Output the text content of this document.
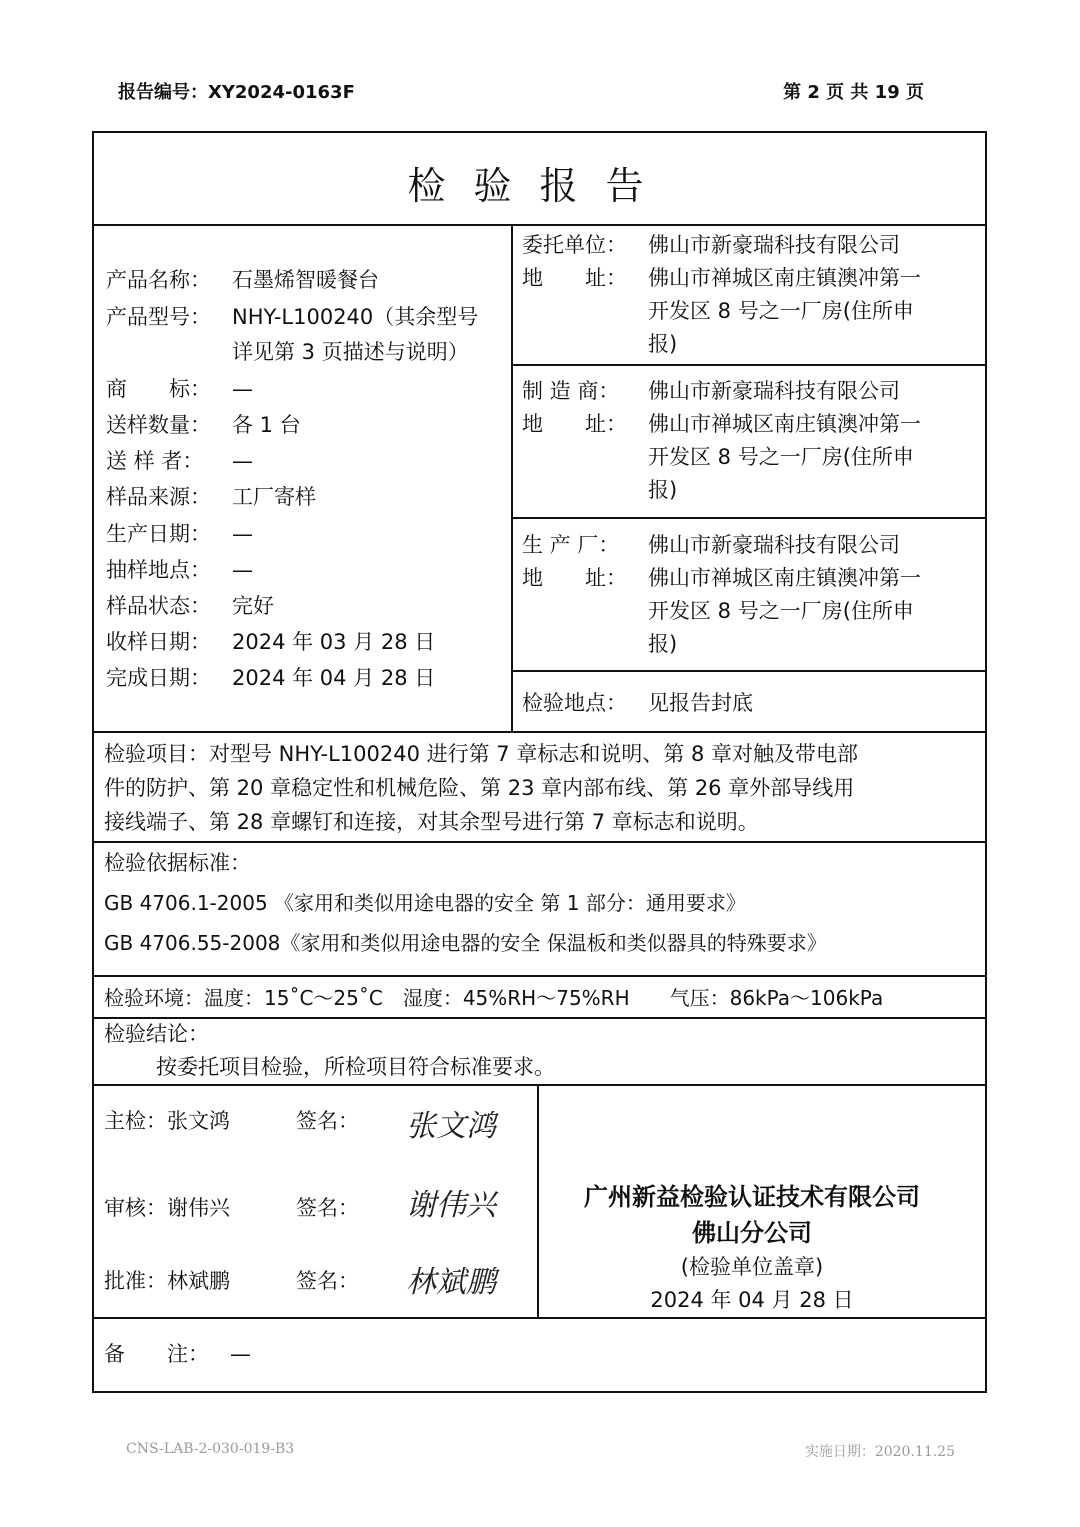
报告编号：XY2024-0163F	第 2 页 共 19 页
检验报告
产品名称： 石墨烯智暖餐台
产品型号： NHY-L100240（其余型号
详见第 3 页描述与说明）
商　　标： —
送样数量： 各 1 台
送 样 者： —
样品来源： 工厂寄样
生产日期： —
抽样地点： —
样品状态： 完好
收样日期： 2024 年 03 月 28 日
完成日期： 2024 年 04 月 28 日
委托单位： 佛山市新豪瑞科技有限公司
地　　址： 佛山市禅城区南庄镇澳冲第一
开发区 8 号之一厂房(住所申
报)
制 造 商： 佛山市新豪瑞科技有限公司
地　　址： 佛山市禅城区南庄镇澳冲第一
开发区 8 号之一厂房(住所申
报)
生 产 厂： 佛山市新豪瑞科技有限公司
地　　址： 佛山市禅城区南庄镇澳冲第一
开发区 8 号之一厂房(住所申
报)
检验地点： 见报告封底
检验项目：对型号 NHY-L100240 进行第 7 章标志和说明、第 8 章对触及带电部
件的防护、第 20 章稳定性和机械危险、第 23 章内部布线、第 26 章外部导线用
接线端子、第 28 章螺钉和连接，对其余型号进行第 7 章标志和说明。
检验依据标准：
GB 4706.1-2005 《家用和类似用途电器的安全 第 1 部分：通用要求》
GB 4706.55-2008《家用和类似用途电器的安全 保温板和类似器具的特殊要求》
检验环境：温度：15˚C～25˚C　湿度：45%RH～75%RH　　气压：86kPa～106kPa
检验结论：
按委托项目检验，所检项目符合标准要求。
主检：张文鸿	签名： 张文鸿
审核：谢伟兴	签名： 谢伟兴
批准：林斌鹏	签名： 林斌鹏
广州新益检验认证技术有限公司
佛山分公司
(检验单位盖章)
2024 年 04 月 28 日
备　　注： —
CNS-LAB-2-030-019-B3	实施日期：2020.11.25
